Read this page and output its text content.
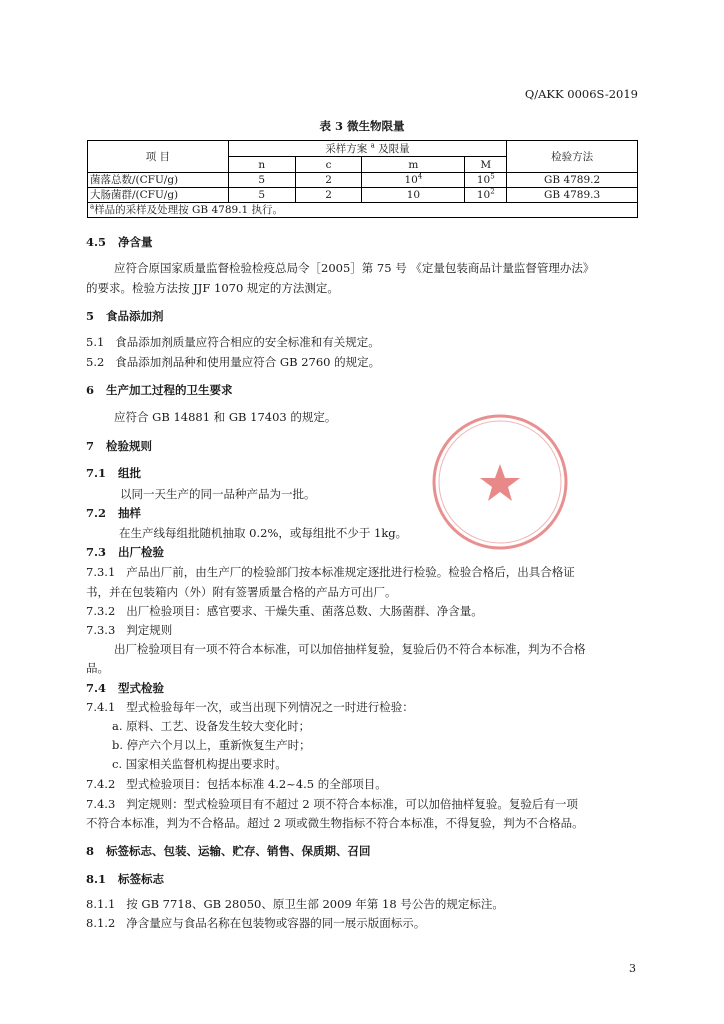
Q/AKK 0006S-2019
表 3 微生物限量
项 目	采样方案 $^a$ 及限量				检验方法
	n	c	m	M	
菌落总数/(CFU/g)	5	2	$10^4$	$10^5$	GB 4789.2
大肠菌群/(CFU/g)	5	2	10	$10^2$	GB 4789.3
$^a$样品的采样及处理按 GB 4789.1 执行。					
4.5 净含量
应符合原国家质量监督检验检疫总局令［2005］第 75 号 《定量包装商品计量监督管理办法》
的要求。检验方法按 JJF 1070 规定的方法测定。
5 食品添加剂
5.1 食品添加剂质量应符合相应的安全标准和有关规定。
5.2 食品添加剂品种和使用量应符合 GB 2760 的规定。
6 生产加工过程的卫生要求
应符合 GB 14881 和 GB 17403 的规定。
7 检验规则
7.1 组批
以同一天生产的同一品种产品为一批。
7.2 抽样
在生产线每组批随机抽取 0.2%，或每组批不少于 1kg。
7.3 出厂检验
7.3.1 产品出厂前，由生产厂的检验部门按本标准规定逐批进行检验。检验合格后，出具合格证
书，并在包装箱内（外）附有签署质量合格的产品方可出厂。
7.3.2 出厂检验项目：感官要求、干燥失重、菌落总数、大肠菌群、净含量。
7.3.3 判定规则
出厂检验项目有一项不符合本标准，可以加倍抽样复验，复验后仍不符合本标准，判为不合格
品。
7.4 型式检验
7.4.1 型式检验每年一次，或当出现下列情况之一时进行检验：
a. 原料、工艺、设备发生较大变化时；
b. 停产六个月以上，重新恢复生产时；
c. 国家相关监督机构提出要求时。
7.4.2 型式检验项目：包括本标准 4.2~4.5 的全部项目。
7.4.3 判定规则：型式检验项目有不超过 2 项不符合本标准，可以加倍抽样复验。复验后有一项
不符合本标准，判为不合格品。超过 2 项或微生物指标不符合本标准，不得复验，判为不合格品。
8 标签标志、包装、运输、贮存、销售、保质期、召回
8.1 标签标志
8.1.1 按 GB 7718、GB 28050、原卫生部 2009 年第 18 号公告的规定标注。
8.1.2 净含量应与食品名称在包装物或容器的同一展示版面标示。
3
